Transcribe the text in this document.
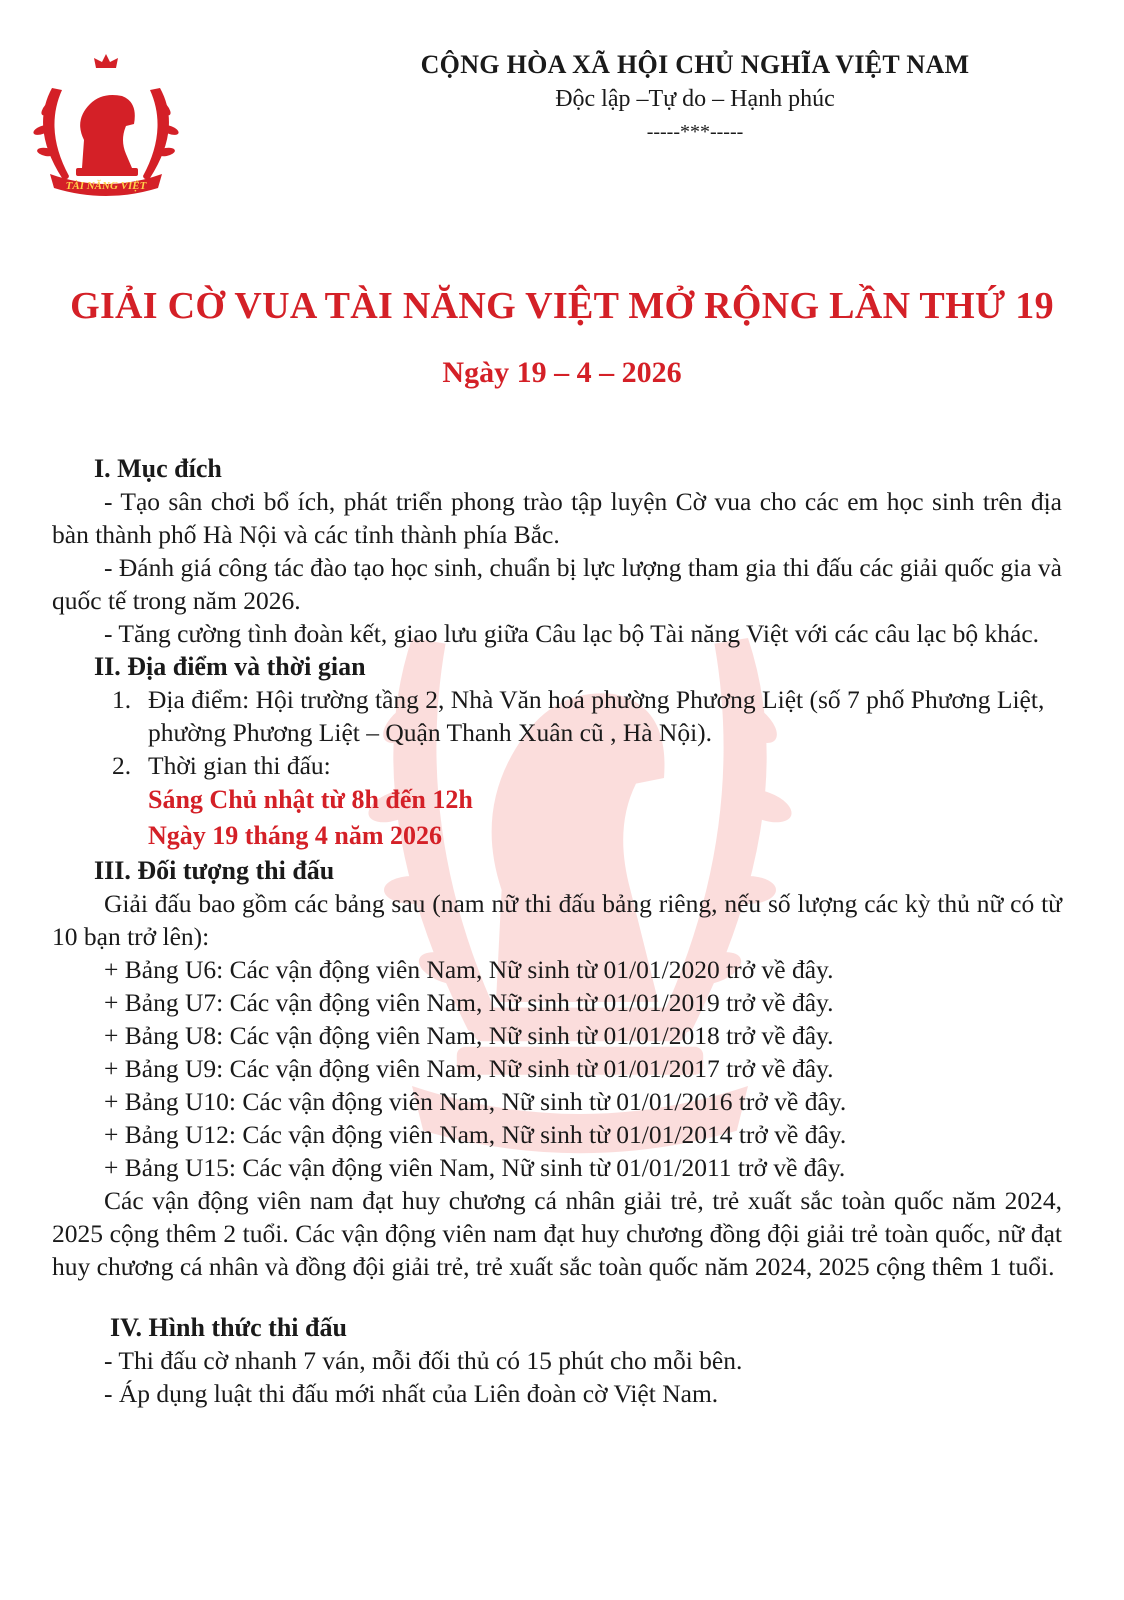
TÀI NĂNG VIỆT
CỘNG HÒA XÃ HỘI CHỦ NGHĨA VIỆT NAM
Độc lập –Tự do – Hạnh phúc
-----***-----
GIẢI CỜ VUA TÀI NĂNG VIỆT MỞ RỘNG LẦN THỨ 19
Ngày 19 – 4 – 2026
I. Mục đích
- Tạo sân chơi bổ ích, phát triển phong trào tập luyện Cờ vua cho các em học sinh trên địa bàn thành phố Hà Nội và các tỉnh thành phía Bắc.
- Đánh giá công tác đào tạo học sinh, chuẩn bị lực lượng tham gia thi đấu các giải quốc gia và quốc tế trong năm 2026.
- Tăng cường tình đoàn kết, giao lưu giữa Câu lạc bộ Tài năng Việt với các câu lạc bộ khác.
II. Địa điểm và thời gian
1. Địa điểm: Hội trường tầng 2, Nhà Văn hoá phường Phương Liệt (số 7 phố Phương Liệt, phường Phương Liệt – Quận Thanh Xuân cũ , Hà Nội).
2. Thời gian thi đấu:
Sáng Chủ nhật từ 8h đến 12h
Ngày 19 tháng 4 năm 2026
III. Đối tượng thi đấu
Giải đấu bao gồm các bảng sau (nam nữ thi đấu bảng riêng, nếu số lượng các kỳ thủ nữ có từ 10 bạn trở lên):
+ Bảng U6: Các vận động viên Nam, Nữ sinh từ 01/01/2020 trở về đây.
+ Bảng U7: Các vận động viên Nam, Nữ sinh từ 01/01/2019 trở về đây.
+ Bảng U8: Các vận động viên Nam, Nữ sinh từ 01/01/2018 trở về đây.
+ Bảng U9: Các vận động viên Nam, Nữ sinh từ 01/01/2017 trở về đây.
+ Bảng U10: Các vận động viên Nam, Nữ sinh từ 01/01/2016 trở về đây.
+ Bảng U12: Các vận động viên Nam, Nữ sinh từ 01/01/2014 trở về đây.
+ Bảng U15: Các vận động viên Nam, Nữ sinh từ 01/01/2011 trở về đây.
Các vận động viên nam đạt huy chương cá nhân giải trẻ, trẻ xuất sắc toàn quốc năm 2024, 2025 cộng thêm 2 tuổi. Các vận động viên nam đạt huy chương đồng đội giải trẻ toàn quốc, nữ đạt huy chương cá nhân và đồng đội giải trẻ, trẻ xuất sắc toàn quốc năm 2024, 2025 cộng thêm 1 tuổi.
IV. Hình thức thi đấu
- Thi đấu cờ nhanh 7 ván, mỗi đối thủ có 15 phút cho mỗi bên.
- Áp dụng luật thi đấu mới nhất của Liên đoàn cờ Việt Nam.
